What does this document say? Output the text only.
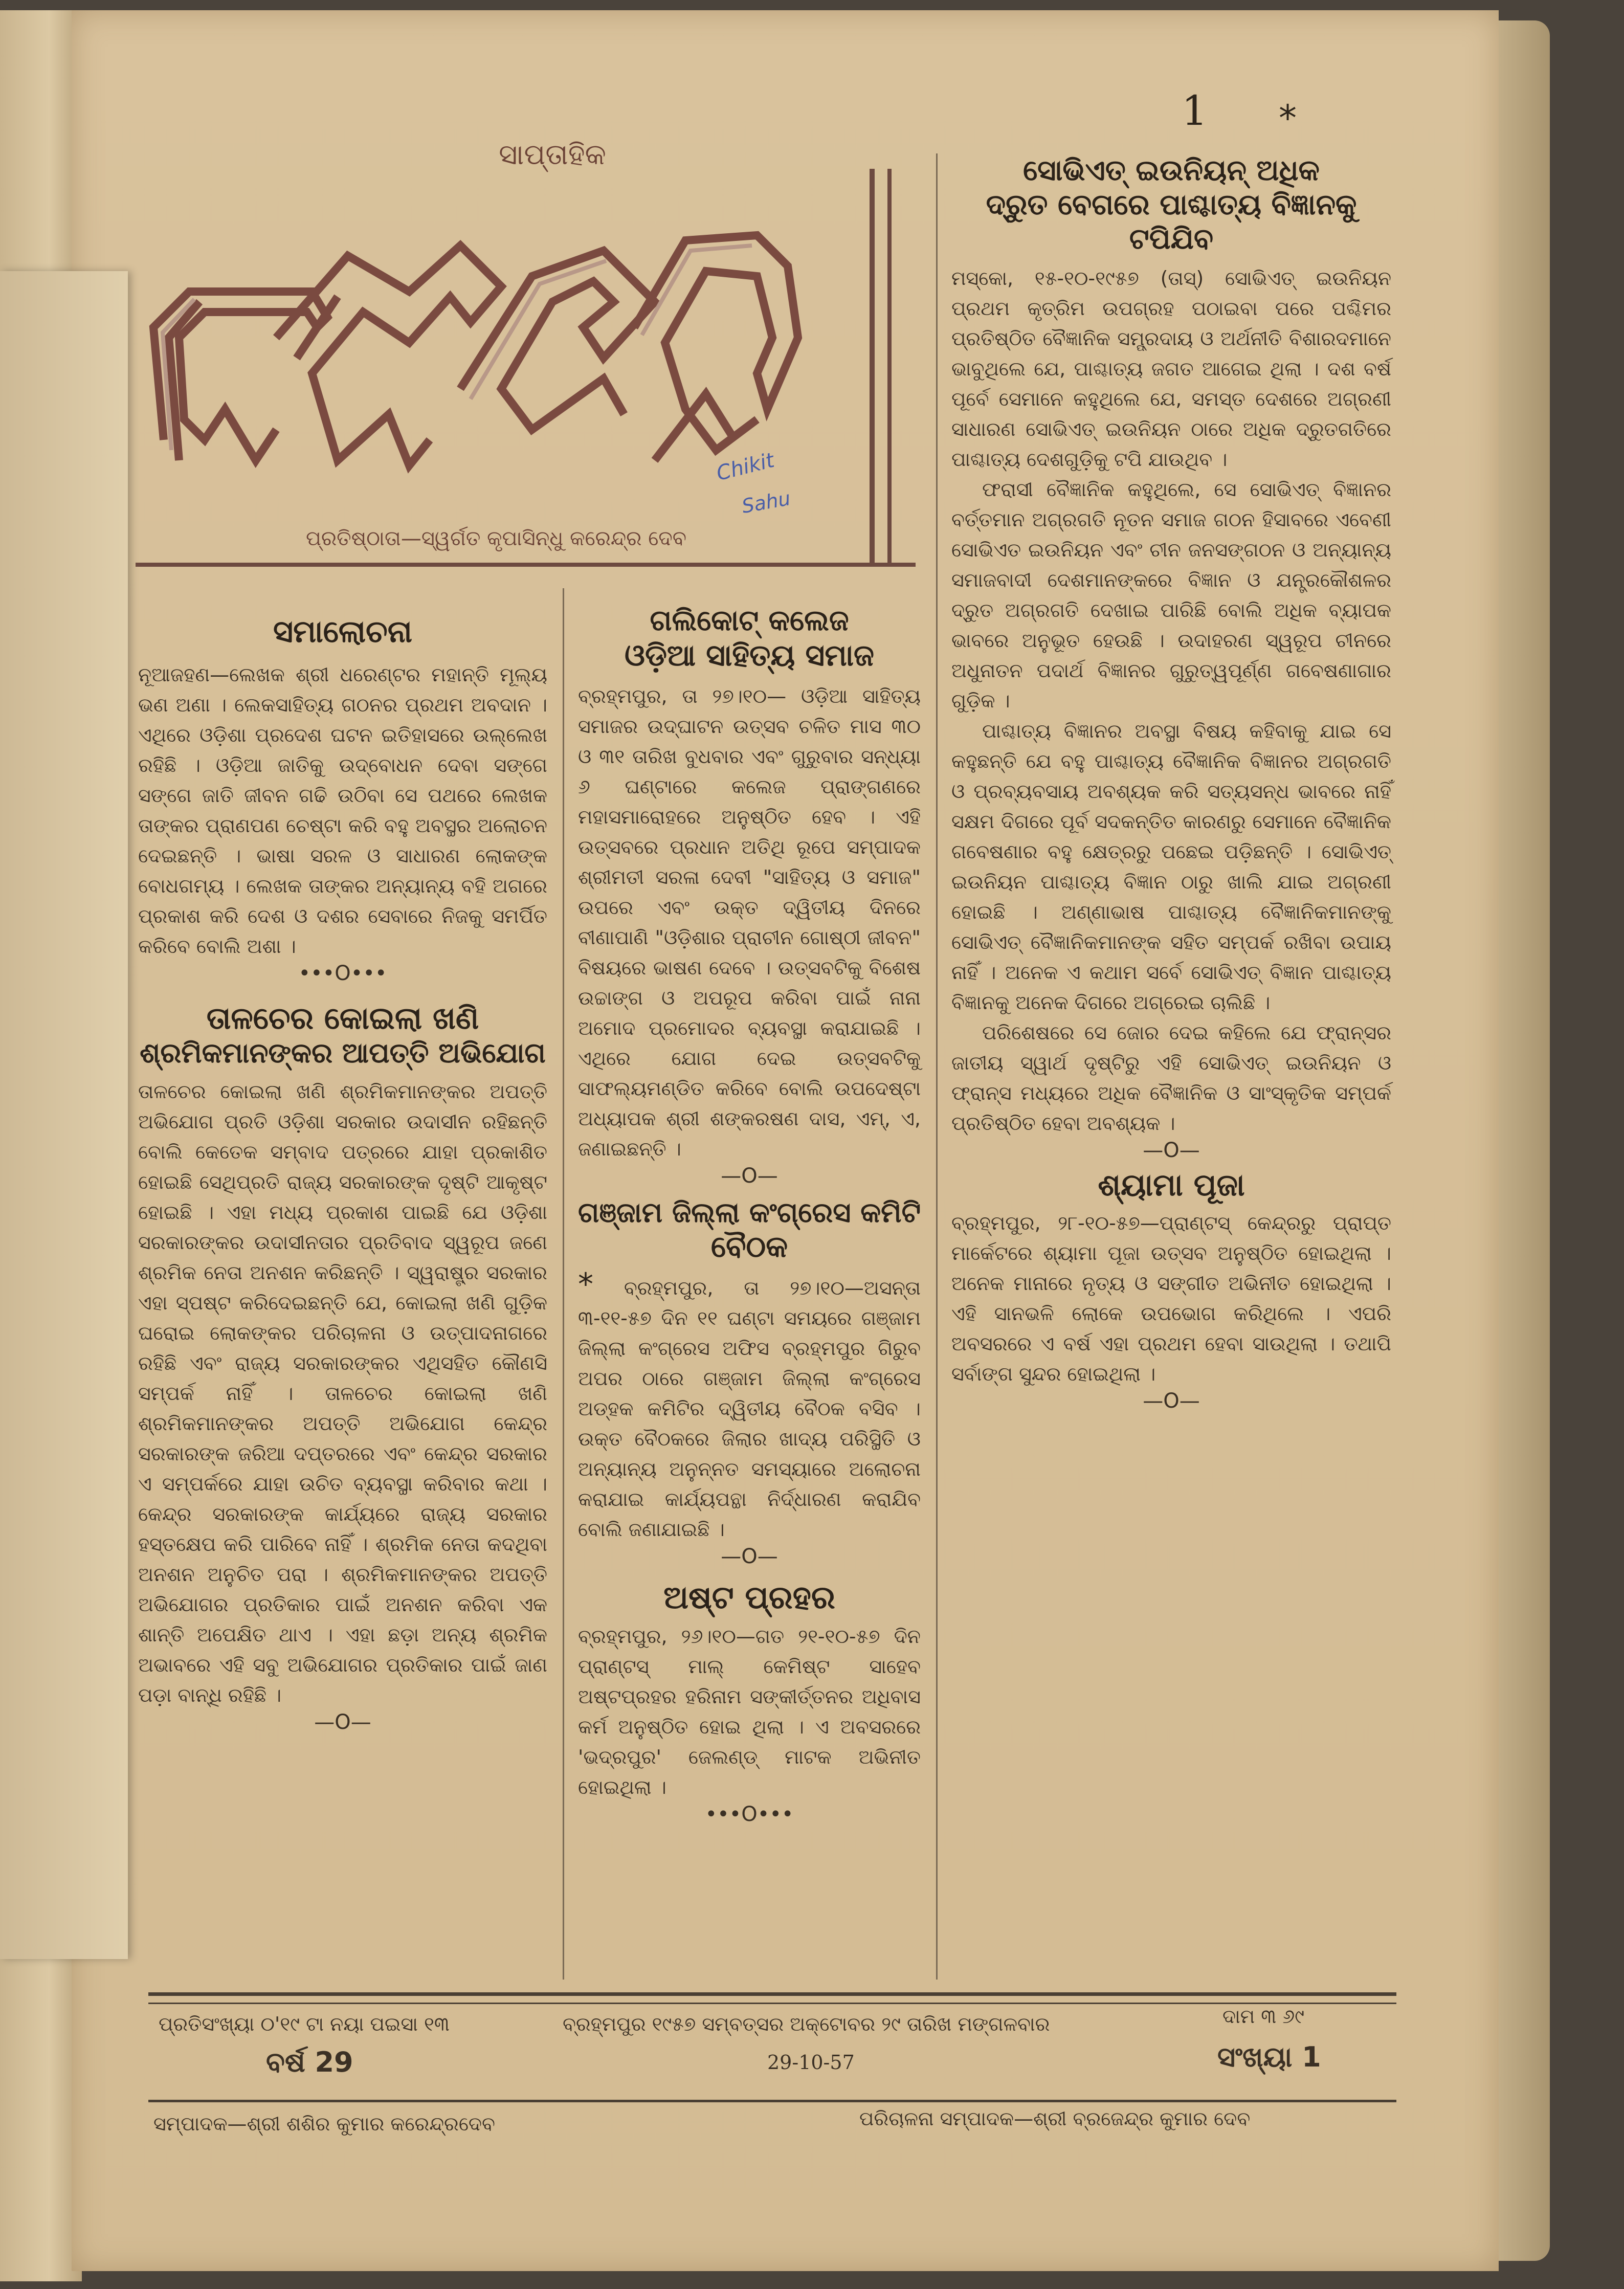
1 *
ସାପ୍ତାହିକ
ପ୍ରତିଷ୍ଠାତା—ସ୍ୱର୍ଗତ କୃପାସିନ୍ଧୁ କରେନ୍ଦ୍ର ଦେବ
Chikit
Sahu
ସମାଲୋଚନା
ନୂଆଜହଣ—ଲେଖକ ଶ୍ରୀ ଧରେଣ୍ଟର ମହାନ୍ତି ମୂଲ୍ୟ ଭଣ ଅଣା । ଲେକସାହିତ୍ୟ ଗଠନର ପ୍ରଥମ ଅବଦାନ । ଏଥିରେ ଓଡ଼ିଶା ପ୍ରଦେଶ ଘଟନ ଇତିହାସରେ ଉଲ୍ଲେଖ ରହିଛି । ଓଡ଼ିଆ ଜାତିକୁ ଉଦ୍‌ବୋଧନ ଦେବା ସଙ୍ଗେ ସଙ୍ଗେ ଜାତି ଜୀବନ ଗଢି ଉଠିବା ସେ ପଥରେ ଲେଖକ ତାଙ୍କର ପ୍ରାଣପଣ ଚେଷ୍ଟା କରି ବହୁ ଅବସ୍ଥର ଅଲୋଚନ ଦେଇଛନ୍ତି । ଭାଷା ସରଳ ଓ ସାଧାରଣ ଲୋକଙ୍କ ବୋଧଗମ୍ୟ । ଲେଖକ ତାଙ୍କର ଅନ୍ୟାନ୍ୟ ବହି ଅଗରେ ପ୍ରକାଶ କରି ଦେଶ ଓ ଦଶର ସେବାରେ ନିଜକୁ ସମର୍ପିତ କରିବେ ବୋଲି ଅଶା ।
•••O•••
ତାଳଚେର କୋଇଲା ଖଣି
ଶ୍ରମିକମାନଙ୍କର ଆପତ୍ତି ଅଭିଯୋଗ
ତାଳଚେର କୋଇଲା ଖଣି ଶ୍ରମିକମାନଙ୍କର ଅପତ୍ତି ଅଭିଯୋଗ ପ୍ରତି ଓଡ଼ିଶା ସରକାର ଉଦାସୀନ ରହିଛନ୍ତି ବୋଲି କେତେକ ସମ୍ବାଦ ପତ୍ରରେ ଯାହା ପ୍ରକାଶିତ ହୋଇଛି ସେଥିପ୍ରତି ରାଜ୍ୟ ସରକାରଙ୍କ ଦୃଷ୍ଟି ଆକୃଷ୍ଟ ହୋଇଛି । ଏହା ମଧ୍ୟ ପ୍ରକାଶ ପାଇଛି ଯେ ଓଡ଼ିଶା ସରକାରଙ୍କର ଉଦାସୀନତାର ପ୍ରତିବାଦ ସ୍ୱରୂପ ଜଣେ ଶ୍ରମିକ ନେତା ଅନଶନ କରିଛନ୍ତି । ସ୍ୱରାଷ୍ଟ୍ର ସରକାର ଏହା ସ୍ପଷ୍ଟ କରିଦେଇଛନ୍ତି ଯେ, କୋଇଲା ଖଣି ଗୁଡ଼ିକ ଘରୋଇ ଲୋକଙ୍କର ପରିଚାଳନା ଓ ଉତ୍ପାଦନାଗରେ ରହିଛି ଏବଂ ରାଜ୍ୟ ସରକାରଙ୍କର ଏଥିସହିତ କୌଣସି ସମ୍ପର୍କ ନାହିଁ । ତାଳଚେର କୋଇଲା ଖଣି ଶ୍ରମିକମାନଙ୍କର ଅପତ୍ତି ଅଭିଯୋଗ କେନ୍ଦ୍ର ସରକାରଙ୍କ ଜରିଆ ଦପ୍ତରରେ ଏବଂ କେନ୍ଦ୍ର ସରକାର ଏ ସମ୍ପର୍କରେ ଯାହା ଉଚିତ ବ୍ୟବସ୍ଥା କରିବାର କଥା । କେନ୍ଦ୍ର ସରକାରଙ୍କ କାର୍ଯ୍ୟରେ ରାଜ୍ୟ ସରକାର ହସ୍ତକ୍ଷେପ କରି ପାରିବେ ନାହିଁ । ଶ୍ରମିକ ନେତା କଦଥିବା ଅନଶନ ଅନୁଚିତ ପରା । ଶ୍ରମିକମାନଙ୍କର ଅପତ୍ତି ଅଭିଯୋଗର ପ୍ରତିକାର ପାଇଁ ଅନଶନ କରିବା ଏକ ଶାନ୍ତି ଅପେକ୍ଷିତ ଥାଏ । ଏହା ଛଡ଼ା ଅନ୍ୟ ଶ୍ରମିକ ଅଭାବରେ ଏହି ସବୁ ଅଭିଯୋଗର ପ୍ରତିକାର ପାଇଁ ଜାଣ ପଡ଼ା ବାନ୍ଧି ରହିଛି ।
—O—
ଗଲିକୋଟ୍ କଲେଜ
ଓଡ଼ିଆ ସାହିତ୍ୟ ସମାଜ
ବ୍ରହ୍ମପୁର, ତା ୨୭।୧୦— ଓଡ଼ିଆ ସାହିତ୍ୟ ସମାଜର ଉଦ୍‌ଘାଟନ ଉତ୍ସବ ଚଳିତ ମାସ ୩୦ ଓ ୩୧ ତାରିଖ ବୁଧବାର ଏବଂ ଗୁରୁବାର ସନ୍ଧ୍ୟା ୬ ଘଣ୍ଟାରେ କଲେଜ ପ୍ରାଙ୍ଗଣରେ ମହାସମାରୋହରେ ଅନୁଷ୍ଠିତ ହେବ । ଏହି ଉତ୍ସବରେ ପ୍ରଧାନ ଅତିଥି ରୂପେ ସମ୍ପାଦକ ଶ୍ରୀମତୀ ସରଳା ଦେବୀ "ସାହିତ୍ୟ ଓ ସମାଜ" ଉପରେ ଏବଂ ଉକ୍ତ ଦ୍ୱିତୀୟ ଦିନରେ ବୀଣାପାଣି "ଓଡ଼ିଶାର ପ୍ରାଚୀନ ଗୋଷ୍ଠୀ ଜୀବନ" ବିଷୟରେ ଭାଷଣ ଦେବେ । ଉତ୍ସବଟିକୁ ବିଶେଷ ଉଚ୍ଚାଙ୍ଗ ଓ ଅପରୂପ କରିବା ପାଇଁ ନାନା ଅମୋଦ ପ୍ରମୋଦର ବ୍ୟବସ୍ଥା କରାଯାଇଛି । ଏଥିରେ ଯୋଗ ଦେଇ ଉତ୍ସବଟିକୁ ସାଫଲ୍ୟମଣ୍ଡିତ କରିବେ ବୋଲି ଉପଦେଷ୍ଟା ଅଧ୍ୟାପକ ଶ୍ରୀ ଶଙ୍କରଷଣ ଦାସ, ଏମ୍, ଏ, ଜଣାଇଛନ୍ତି ।
—O—
ଗଞ୍ଜାମ ଜିଲ୍ଲା କଂଗ୍ରେସ କମିଟି
ବୈଠକ
* ବ୍ରହ୍ମପୁର, ତା ୨୭।୧୦—ଅସନ୍ତା ୩-୧୧-୫୭ ଦିନ ୧୧ ଘଣ୍ଟା ସମୟରେ ଗଞ୍ଜାମ ଜିଲ୍ଲା କଂଗ୍ରେସ ଅଫିସ ବ୍ରହ୍ମପୁର ଗିରୁବ ଅପର ଠାରେ ଗଞ୍ଜାମ ଜିଲ୍ଲା କଂଗ୍ରେସ ଅଡ୍‌ହକ କମିଟିର ଦ୍ୱିତୀୟ ବୈଠକ ବସିବ । ଉକ୍ତ ବୈଠକରେ ଜିଲାର ଖାଦ୍ୟ ପରିସ୍ଥିତି ଓ ଅନ୍ୟାନ୍ୟ ଅନୁନ୍ନତ ସମସ୍ୟାରେ ଅଲୋଚନା କରାଯାଇ କାର୍ଯ୍ୟପନ୍ଥା ନିର୍ଦ୍ଧାରଣ କରାଯିବ ବୋଲି ଜଣାଯାଇଛି ।
—O—
ଅଷ୍ଟ ପ୍ରହର
ବ୍ରହ୍ମପୁର, ୨୬।୧୦—ଗତ ୨୧-୧୦-୫୭ ଦିନ ପ୍ରାଣ୍ଟସ୍ ମାଲ୍ କେମିଷ୍ଟ ସାହେବ ଅଷ୍ଟପ୍ରହର ହରିନାମ ସଙ୍କୀର୍ତ୍ତନର ଅଧିବାସ କର୍ମ ଅନୁଷ୍ଠିତ ହୋଇ ଥିଲା । ଏ ଅବସରରେ 'ଭଦ୍ରପୁର' ଜେଲଣ୍ଡ୍ ମାଟକ ଅଭିନୀତ ହୋଇଥିଲା ।
•••O•••
ସୋଭିଏତ୍ ଇଉନିୟନ୍ ଅଧିକ
ଦ୍ରୁତ ବେଗରେ ପାଶ୍ଚାତ୍ୟ ବିଜ୍ଞାନକୁ
ଟପିଯିବ
ମସ୍କୋ, ୧୫-୧୦-୧୯୫୭ (ତାସ୍) ସୋଭିଏତ୍ ଇଉନିୟନ ପ୍ରଥମ କୃତ୍ରିମ ଉପଗ୍ରହ ପଠାଇବା ପରେ ପଶ୍ଚିମର ପ୍ରତିଷ୍ଠିତ ବୈଜ୍ଞାନିକ ସମ୍ପ୍ରଦାୟ ଓ ଅର୍ଥନୀତି ବିଶାରଦମାନେ ଭାବୁଥିଲେ ଯେ, ପାଶ୍ଚାତ୍ୟ ଜଗତ ଆଗେଇ ଥିଲା । ଦଶ ବର୍ଷ ପୂର୍ବେ ସେମାନେ କହୁଥିଲେ ଯେ, ସମସ୍ତ ଦେଶରେ ଅଗ୍ରଣୀ ସାଧାରଣ ସୋଭିଏତ୍ ଇଉନିୟନ ଠାରେ ଅଧିକ ଦ୍ରୁତଗତିରେ ପାଶ୍ଚାତ୍ୟ ଦେଶଗୁଡ଼ିକୁ ଟପି ଯାଉଥିବ ।
ଫରାସୀ ବୈଜ୍ଞାନିକ କହୁଥିଲେ, ସେ ସୋଭିଏତ୍ ବିଜ୍ଞାନର ବର୍ତ୍ତମାନ ଅଗ୍ରଗତି ନୂତନ ସମାଜ ଗଠନ ହିସାବରେ ଏବେଣୀ ସୋଭିଏତ ଇଉନିୟନ ଏବଂ ଚୀନ ଜନସଙ୍ଗଠନ ଓ ଅନ୍ୟାନ୍ୟ ସମାଜବାଦୀ ଦେଶମାନଙ୍କରେ ବିଜ୍ଞାନ ଓ ଯନ୍ତ୍ରକୌଶଳର ଦ୍ରୁତ ଅଗ୍ରଗତି ଦେଖାଇ ପାରିଛି ବୋଲି ଅଧିକ ବ୍ୟାପକ ଭାବରେ ଅନୁଭୂତ ହେଉଛି । ଉଦାହରଣ ସ୍ୱରୂପ ଚୀନରେ ଅଧୁନାତନ ପଦାର୍ଥ ବିଜ୍ଞାନର ଗୁରୁତ୍ୱପୂର୍ଣ୍ଣ ଗବେଷଣାଗାର ଗୁଡ଼ିକ ।
ପାଶ୍ଚାତ୍ୟ ବିଜ୍ଞାନର ଅବସ୍ଥା ବିଷୟ କହିବାକୁ ଯାଇ ସେ କହୁଛନ୍ତି ଯେ ବହୁ ପାଶ୍ଚାତ୍ୟ ବୈଜ୍ଞାନିକ ବିଜ୍ଞାନର ଅଗ୍ରଗତି ଓ ପ୍ରବ୍ୟବସାୟ ଅବଶ୍ୟକ କରି ସତ୍ୟସନ୍ଧ ଭାବରେ ନାହିଁ ସକ୍ଷମ ଦିଗରେ ପୂର୍ବ ସଦକନ୍ତିତ କାରଣରୁ ସେମାନେ ବୈଜ୍ଞାନିକ ଗବେଷଣାର ବହୁ କ୍ଷେତ୍ରରୁ ପଛେଇ ପଡ଼ିଛନ୍ତି । ସୋଭିଏତ୍ ଇଉନିୟନ ପାଶ୍ଚାତ୍ୟ ବିଜ୍ଞାନ ଠାରୁ ଖାଲି ଯାଇ ଅଗ୍ରଣୀ ହୋଇଛି । ଅଣ୍ଣାଭାଷ ପାଶ୍ଚାତ୍ୟ ବୈଜ୍ଞାନିକମାନଙ୍କୁ ସୋଭିଏତ୍ ବୈଜ୍ଞାନିକମାନଙ୍କ ସହିତ ସମ୍ପର୍କ ରଖିବା ଉପାୟ ନାହିଁ । ଅନେକ ଏ କଥାମ ସର୍ବେ ସୋଭିଏତ୍ ବିଜ୍ଞାନ ପାଶ୍ଚାତ୍ୟ ବିଜ୍ଞାନକୁ ଅନେକ ଦିଗରେ ଅଗ୍ରେଇ ଚାଲିଛି ।
ପରିଶେଷରେ ସେ ଜୋର ଦେଇ କହିଲେ ଯେ ଫ୍ରାନ୍‌ସର ଜାତୀୟ ସ୍ୱାର୍ଥ ଦୃଷ୍ଟିରୁ ଏହି ସୋଭିଏତ୍ ଇଉନିୟନ ଓ ଫ୍ରାନ୍‌ସ ମଧ୍ୟରେ ଅଧିକ ବୈଜ୍ଞାନିକ ଓ ସାଂସ୍କୃତିକ ସମ୍ପର୍କ ପ୍ରତିଷ୍ଠିତ ହେବା ଅବଶ୍ୟକ ।
—O—
ଶ୍ୟାମା ପୂଜା
ବ୍ରହ୍ମପୁର, ୨୮-୧୦-୫୭—ପ୍ରାଣ୍ଟସ୍ କେନ୍ଦ୍ରରୁ ପ୍ରାପ୍ତ ମାର୍କେଟରେ ଶ୍ୟାମା ପୂଜା ଉତ୍ସବ ଅନୁଷ୍ଠିତ ହୋଇଥିଲା । ଅନେକ ମାନାରେ ନୃତ୍ୟ ଓ ସଙ୍ଗୀତ ଅଭିନୀତ ହୋଇଥିଲା । ଏହି ସାନଭଳି ଲୋକେ ଉପଭୋଗ କରିଥିଲେ । ଏପରି ଅବସରରେ ଏ ବର୍ଷ ଏହା ପ୍ରଥମ ହେବା ସାଉଥିଲା । ତଥାପି ସର୍ବାଙ୍ଗ ସୁନ୍ଦର ହୋଇଥିଲା ।
—O—
ପ୍ରତିସଂଖ୍ୟା ୦'୧୯ ଟା ନୟା ପଇସା ୧୩	ବ୍ରହ୍ମପୁର ୧୯୫୭ ସମ୍ବତ୍ସର ଅକ୍ଟୋବର ୨୯ ତାରିଖ ମଙ୍ଗଳବାର	ଦାମ ୩ ୬୯
ବର୍ଷ 29	29-10-57	ସଂଖ୍ୟା 1
ସମ୍ପାଦକ—ଶ୍ରୀ ଶଶିର କୁମାର କରେନ୍ଦ୍ରଦେବ	ପରିଚାଳନା ସମ୍ପାଦକ—ଶ୍ରୀ ବ୍ରଜେନ୍ଦ୍ର କୁମାର ଦେବ
